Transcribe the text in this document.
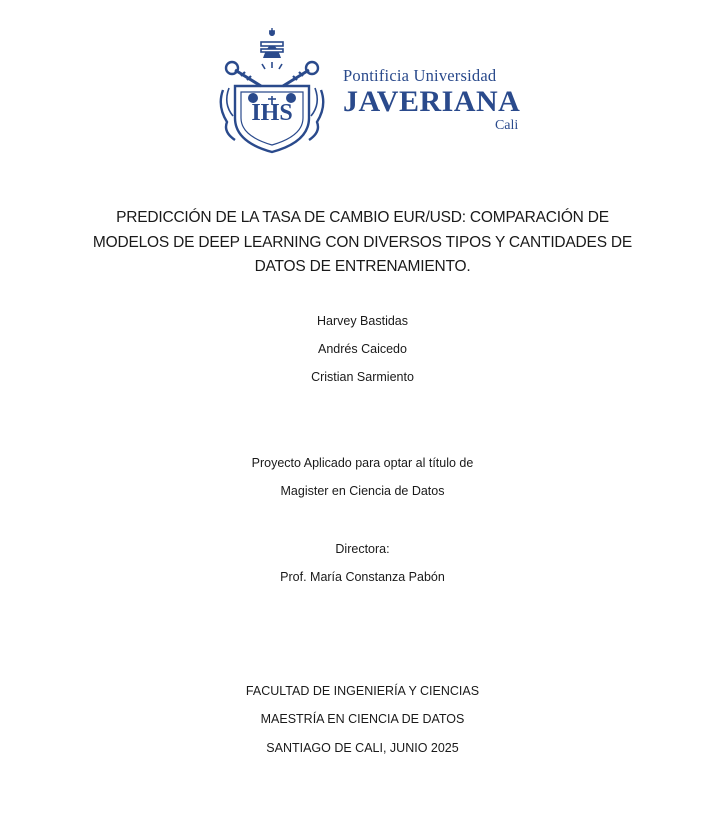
IHS
Pontificia Universidad
JAVERIANA
Cali
PREDICCIÓN DE LA TASA DE CAMBIO EUR/USD: COMPARACIÓN DE MODELOS DE DEEP LEARNING CON DIVERSOS TIPOS Y CANTIDADES DE DATOS DE ENTRENAMIENTO.
Harvey Bastidas
Andrés Caicedo
Cristian Sarmiento
Proyecto Aplicado para optar al título de
Magister en Ciencia de Datos
Directora:
Prof. María Constanza Pabón
FACULTAD DE INGENIERÍA Y CIENCIAS
MAESTRÍA EN CIENCIA DE DATOS
SANTIAGO DE CALI, JUNIO 2025
